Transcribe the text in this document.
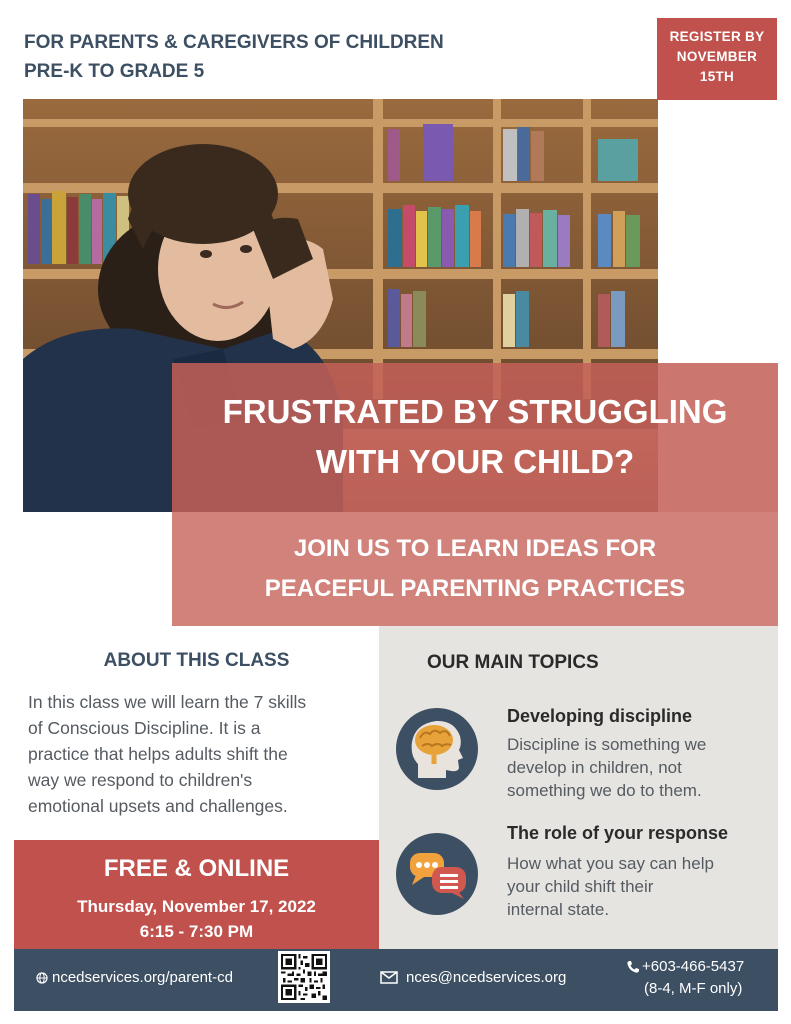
FOR PARENTS & CAREGIVERS OF CHILDREN
PRE-K TO GRADE 5
REGISTER BY
NOVEMBER
15TH
FRUSTRATED BY STRUGGLING
WITH YOUR CHILD?
JOIN US TO LEARN IDEAS FOR
PEACEFUL PARENTING PRACTICES
ABOUT THIS CLASS
In this class we will learn the 7 skills
of Conscious Discipline. It is a
practice that helps adults shift the
way we respond to children's
emotional upsets and challenges.
FREE & ONLINE
Thursday, November 17, 2022
6:15 - 7:30 PM
OUR MAIN TOPICS
Developing discipline
Discipline is something we
develop in children, not
something we do to them.
The role of your response
How what you say can help
your child shift their
internal state.
ncedservices.org/parent-cd	nces@ncedservices.org
+603-466-5437
(8-4, M-F only)
